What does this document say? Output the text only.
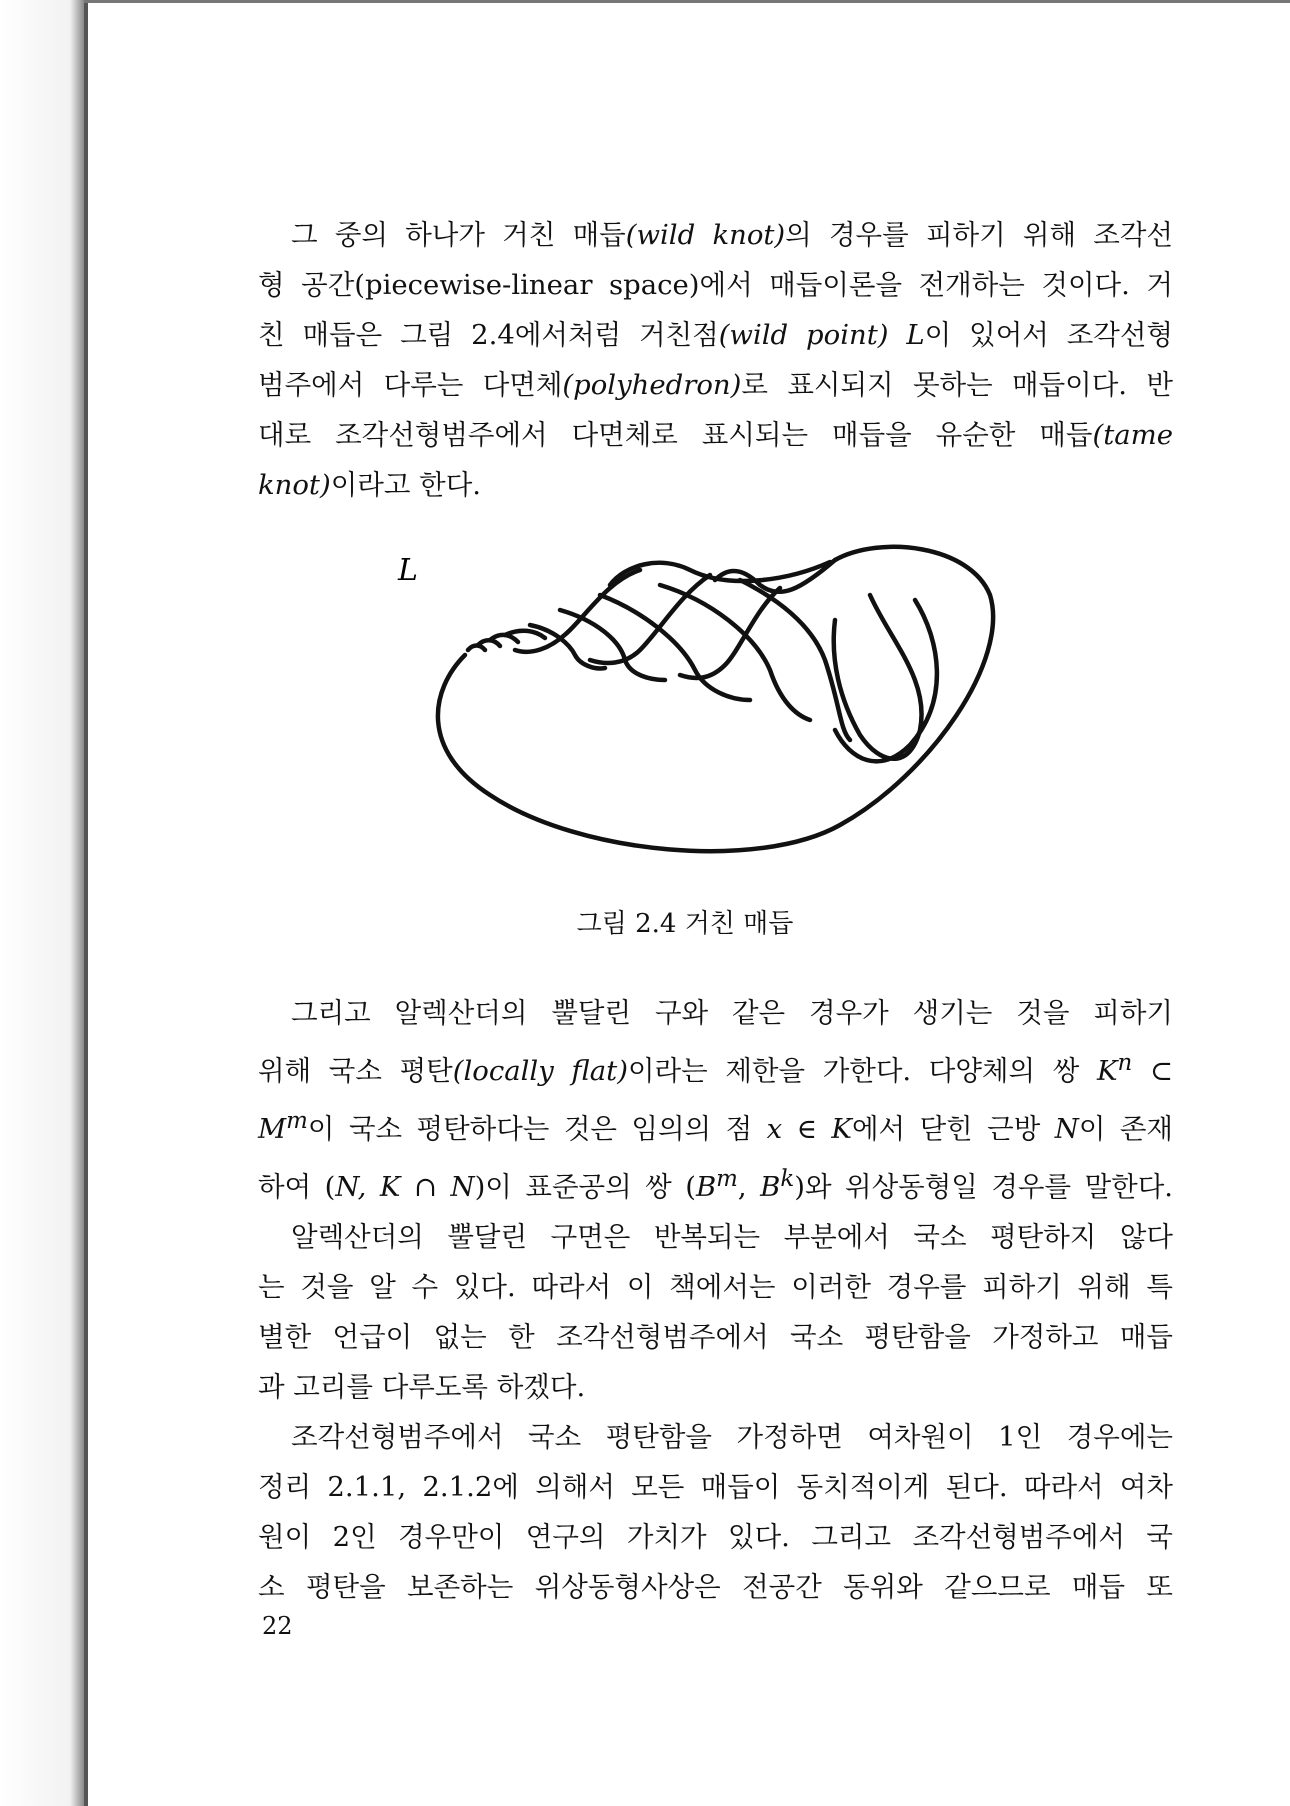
그 중의 하나가 거친 매듭(wild knot)의 경우를 피하기 위해 조각선
형 공간(piecewise-linear space)에서 매듭이론을 전개하는 것이다. 거
친 매듭은 그림 2.4에서처럼 거친점(wild point) L이 있어서 조각선형
범주에서 다루는 다면체(polyhedron)로 표시되지 못하는 매듭이다. 반
대로 조각선형범주에서 다면체로 표시되는 매듭을 유순한 매듭(tame
knot)이라고 한다.
L
그림 2.4 거친 매듭
그리고 알렉산더의 뿔달린 구와 같은 경우가 생기는 것을 피하기
위해 국소 평탄(locally flat)이라는 제한을 가한다. 다양체의 쌍 $K^n$ ⊂
$M^m$이 국소 평탄하다는 것은 임의의 점 x ∈ K에서 닫힌 근방 N이 존재
하여 (N, K ∩ N)이 표준공의 쌍 ($B^m$, $B^k$)와 위상동형일 경우를 말한다.
알렉산더의 뿔달린 구면은 반복되는 부분에서 국소 평탄하지 않다
는 것을 알 수 있다. 따라서 이 책에서는 이러한 경우를 피하기 위해 특
별한 언급이 없는 한 조각선형범주에서 국소 평탄함을 가정하고 매듭
과 고리를 다루도록 하겠다.
조각선형범주에서 국소 평탄함을 가정하면 여차원이 1인 경우에는
정리 2.1.1, 2.1.2에 의해서 모든 매듭이 동치적이게 된다. 따라서 여차
원이 2인 경우만이 연구의 가치가 있다. 그리고 조각선형범주에서 국
소 평탄을 보존하는 위상동형사상은 전공간 동위와 같으므로 매듭 또
22
